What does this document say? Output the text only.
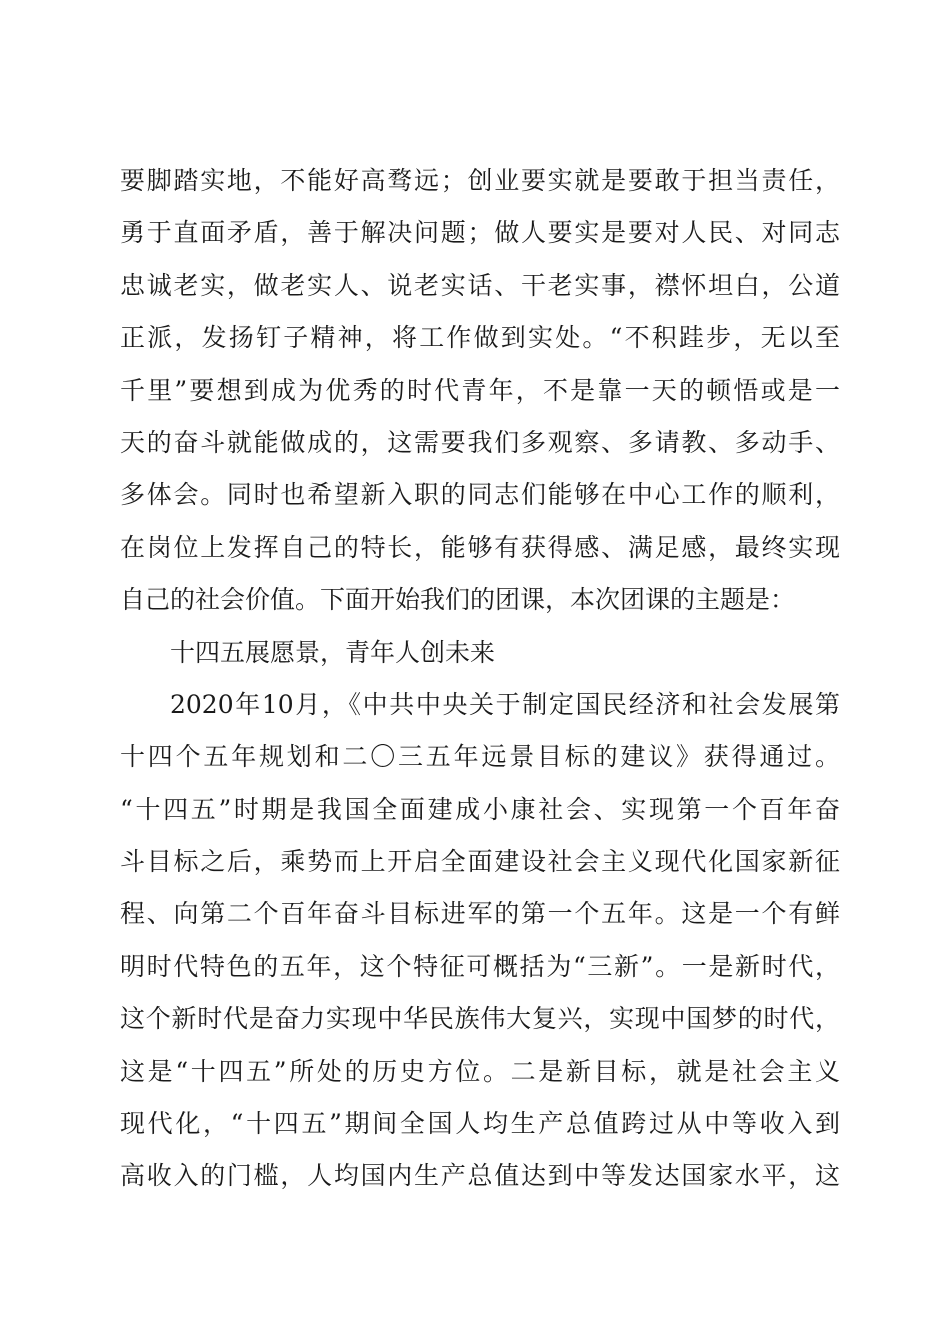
要脚踏实地，不能好高骛远；创业要实就是要敢于担当责任，
勇于直面矛盾，善于解决问题；做人要实是要对人民、对同志
忠诚老实，做老实人、说老实话、干老实事，襟怀坦白，公道
正派，发扬钉子精神，将工作做到实处。“不积跬步，无以至
千里”要想到成为优秀的时代青年，不是靠一天的顿悟或是一
天的奋斗就能做成的，这需要我们多观察、多请教、多动手、
多体会。同时也希望新入职的同志们能够在中心工作的顺利，
在岗位上发挥自己的特长，能够有获得感、满足感，最终实现
自己的社会价值。下面开始我们的团课，本次团课的主题是：
十四五展愿景，青年人创未来
2020年10月，《中共中央关于制定国民经济和社会发展第
十四个五年规划和二〇三五年远景目标的建议》获得通过。
“十四五”时期是我国全面建成小康社会、实现第一个百年奋
斗目标之后，乘势而上开启全面建设社会主义现代化国家新征
程、向第二个百年奋斗目标进军的第一个五年。这是一个有鲜
明时代特色的五年，这个特征可概括为“三新”。一是新时代，
这个新时代是奋力实现中华民族伟大复兴，实现中国梦的时代，
这是“十四五”所处的历史方位。二是新目标，就是社会主义
现代化，“十四五”期间全国人均生产总值跨过从中等收入到
高收入的门槛，人均国内生产总值达到中等发达国家水平，这
